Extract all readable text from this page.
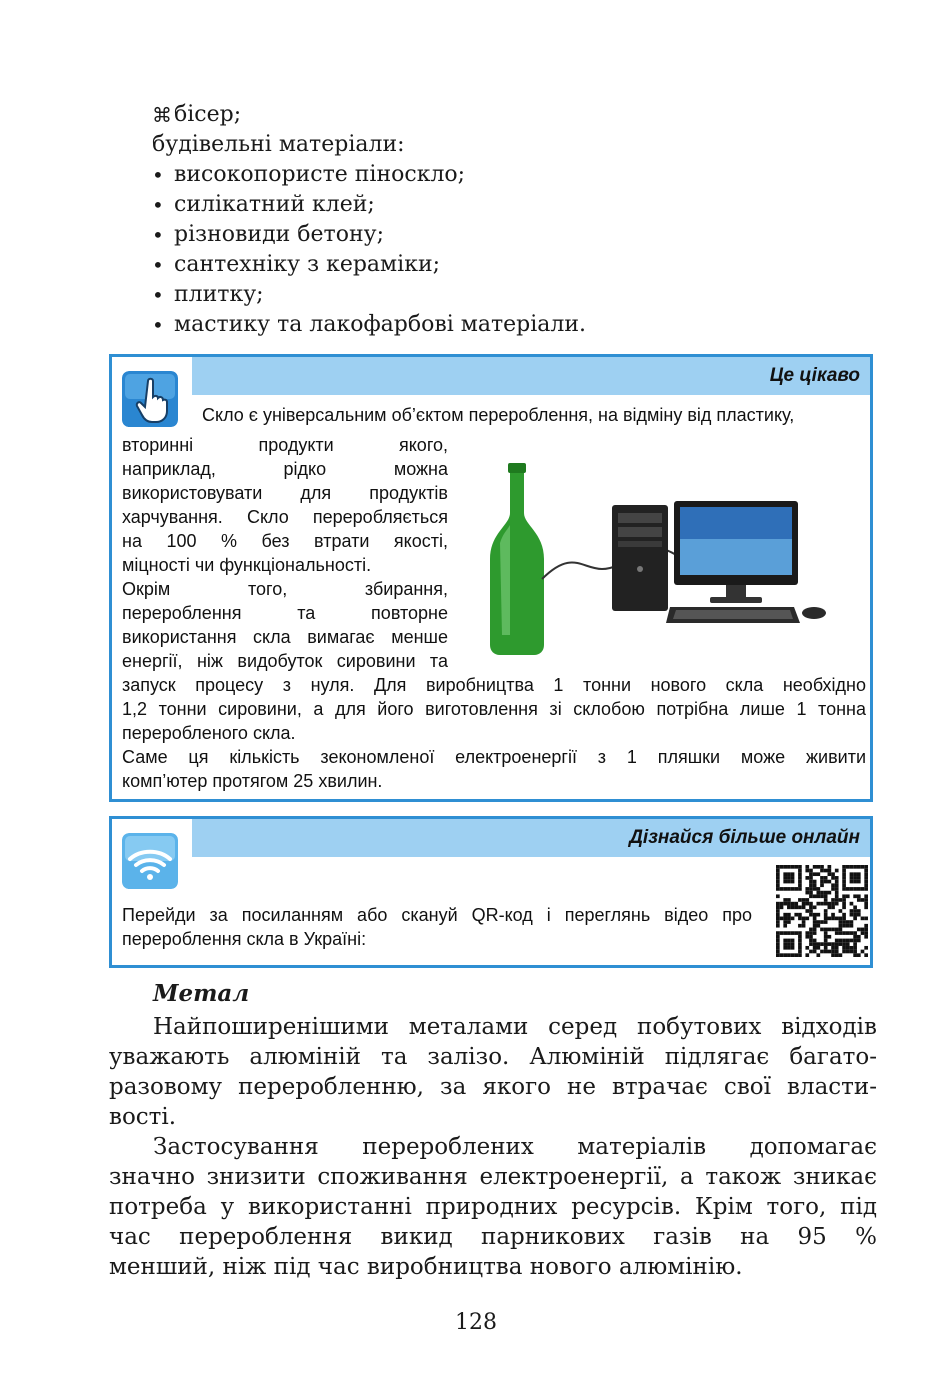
⌘ бісер;
будівельні матеріали:
• високопористе піноскло;
• силікатний клей;
• різновиди бетону;
• сантехніку з кераміки;
• плитку;
• мастику та лакофарбові матеріали.
Це цікаво
Скло є універсальним об’єктом перероблення, на відміну від пластику,
вторинні продукти якого,
наприклад, рідко можна
використовувати для продуктів
харчування. Скло переробляється
на 100 % без втрати якості,
міцності чи функціональності.
Окрім того, збирання,
перероблення та повторне
використання скла вимагає менше
енергії, ніж видобуток сировини та
запуск процесу з нуля. Для виробництва 1 тонни нового скла необхідно
1,2 тонни сировини, а для його виготовлення зі склобою потрібна лише 1 тонна
переробленого скла.
Саме ця кількість зекономленої електроенергії з 1 пляшки може живити
комп’ютер протягом 25 хвилин.
Дізнайся більше онлайн
Перейди за посиланням або скануй QR-код і переглянь відео про
перероблення скла в Україні:
Метал
Найпоширенішими металами серед побутових відходів
уважають алюміній та залізо. Алюміній підлягає багато-
разовому переробленню, за якого не втрачає свої власти-
вості.
Застосування перероблених матеріалів допомагає
значно знизити споживання електроенергії, а також зникає
потреба у використанні природних ресурсів. Крім того, під
час перероблення викид парникових газів на 95 %
менший, ніж під час виробництва нового алюмінію.
128
